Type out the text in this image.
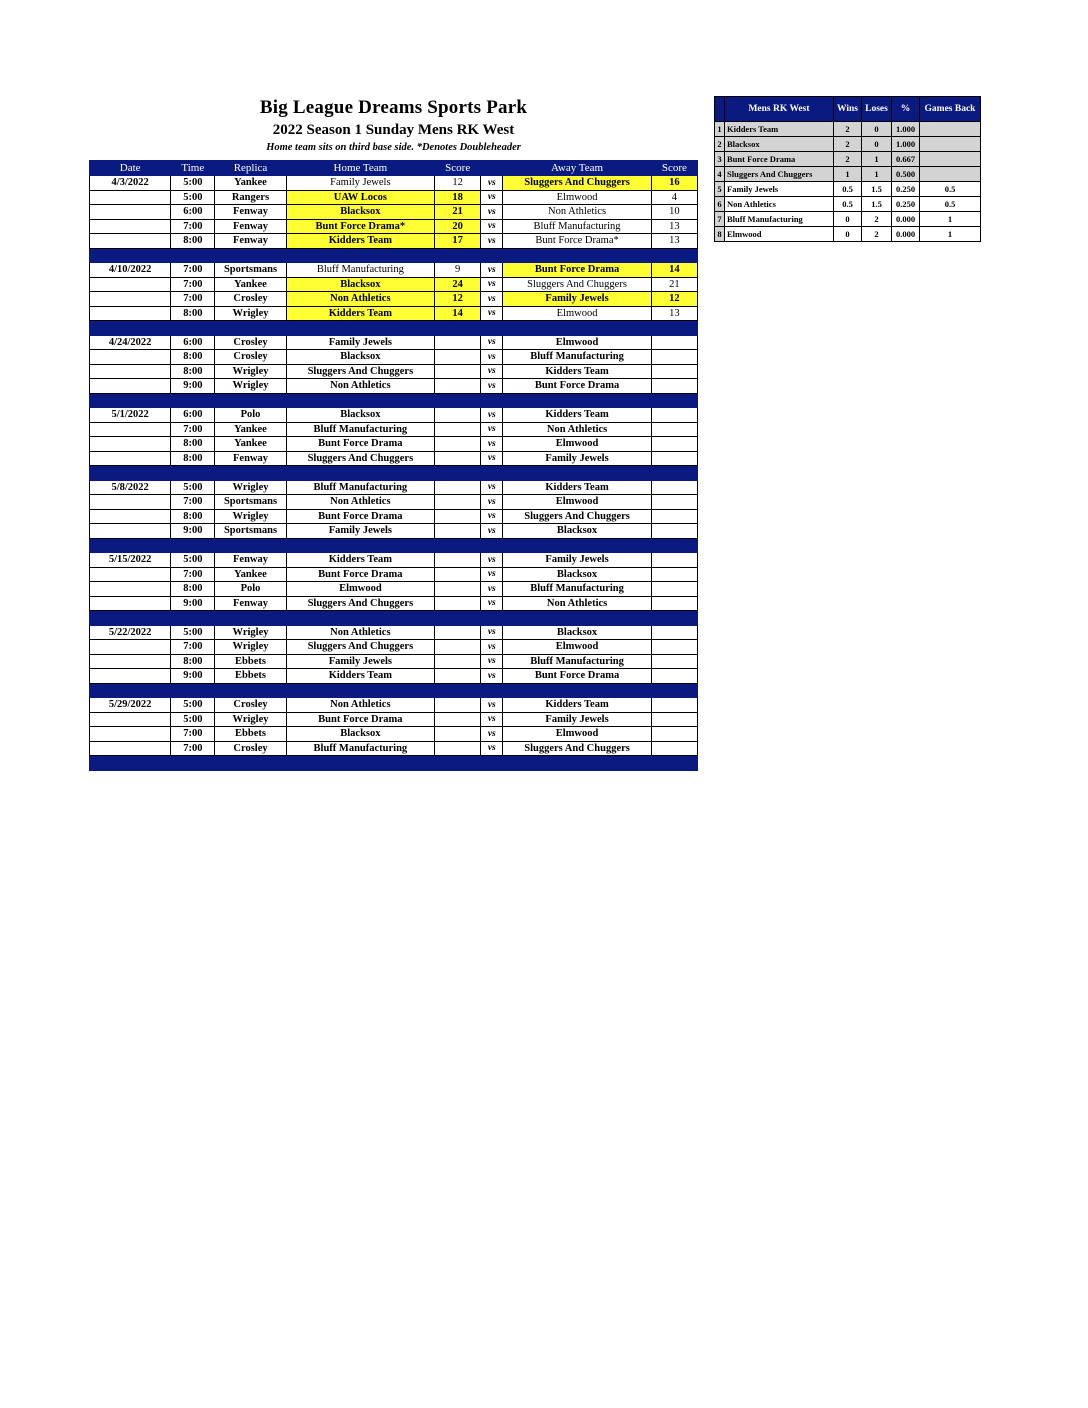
Big League Dreams Sports Park
2022 Season 1 Sunday Mens RK West
Home team sits on third base side. *Denotes Doubleheader
Date	Time	Replica	Home Team	Score		Away Team	Score
4/3/2022	5:00	Yankee	Family Jewels	12	vs	Sluggers And Chuggers	16
	5:00	Rangers	UAW Locos	18	vs	Elmwood	4
	6:00	Fenway	Blacksox	21	vs	Non Athletics	10
	7:00	Fenway	Bunt Force Drama*	20	vs	Bluff Manufacturing	13
	8:00	Fenway	Kidders Team	17	vs	Bunt Force Drama*	13

4/10/2022	7:00	Sportsmans	Bluff Manufacturing	9	vs	Bunt Force Drama	14
	7:00	Yankee	Blacksox	24	vs	Sluggers And Chuggers	21
	7:00	Crosley	Non Athletics	12	vs	Family Jewels	12
	8:00	Wrigley	Kidders Team	14	vs	Elmwood	13

4/24/2022	6:00	Crosley	Family Jewels		vs	Elmwood	
	8:00	Crosley	Blacksox		vs	Bluff Manufacturing	
	8:00	Wrigley	Sluggers And Chuggers		vs	Kidders Team	
	9:00	Wrigley	Non Athletics		vs	Bunt Force Drama	

5/1/2022	6:00	Polo	Blacksox		vs	Kidders Team	
	7:00	Yankee	Bluff Manufacturing		vs	Non Athletics	
	8:00	Yankee	Bunt Force Drama		vs	Elmwood	
	8:00	Fenway	Sluggers And Chuggers		vs	Family Jewels	

5/8/2022	5:00	Wrigley	Bluff Manufacturing		vs	Kidders Team	
	7:00	Sportsmans	Non Athletics		vs	Elmwood	
	8:00	Wrigley	Bunt Force Drama		vs	Sluggers And Chuggers	
	9:00	Sportsmans	Family Jewels		vs	Blacksox	

5/15/2022	5:00	Fenway	Kidders Team		vs	Family Jewels	
	7:00	Yankee	Bunt Force Drama		vs	Blacksox	
	8:00	Polo	Elmwood		vs	Bluff Manufacturing	
	9:00	Fenway	Sluggers And Chuggers		vs	Non Athletics	

5/22/2022	5:00	Wrigley	Non Athletics		vs	Blacksox	
	7:00	Wrigley	Sluggers And Chuggers		vs	Elmwood	
	8:00	Ebbets	Family Jewels		vs	Bluff Manufacturing	
	9:00	Ebbets	Kidders Team		vs	Bunt Force Drama	

5/29/2022	5:00	Crosley	Non Athletics		vs	Kidders Team	
	5:00	Wrigley	Bunt Force Drama		vs	Family Jewels	
	7:00	Ebbets	Blacksox		vs	Elmwood	
	7:00	Crosley	Bluff Manufacturing		vs	Sluggers And Chuggers	

	Mens RK West	Wins	Loses	%	Games Back
1	Kidders Team	2	0	1.000	
2	Blacksox	2	0	1.000	
3	Bunt Force Drama	2	1	0.667	
4	Sluggers And Chuggers	1	1	0.500	
5	Family Jewels	0.5	1.5	0.250	0.5
6	Non Athletics	0.5	1.5	0.250	0.5
7	Bluff Manufacturing	0	2	0.000	1
8	Elmwood	0	2	0.000	1
